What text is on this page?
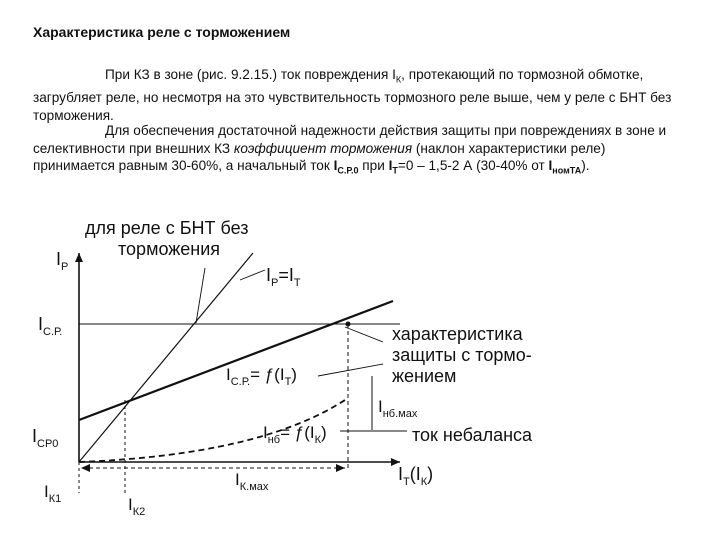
Характеристика реле с торможением

При КЗ в зоне (рис. 9.2.15.) ток повреждения $I_К$, протекающий по тормозной обмотке, загрубляет реле, но несмотря на это чувствительность тормозного реле выше, чем у реле с БНТ без торможения.

Для обеспечения достаточной надежности действия защиты при повреждениях в зоне и селективности при внешних КЗ коэффициент торможения (наклон характеристики реле) принимается равным 30-60%, а начальный ток $I_{С.Р.0}$ при $I_Т=0 - 1,5-2$ А (30-40% от $I_{номТА}$).

для реле с БНТ без
торможения
$I_Р$	$I_Р=I_Т$
$I_{С.Р.}$	характеристика
защиты с тормо-
жением
$I_{С.Р.}=$ $ƒ(I_Т)$
$I_{нб.мах}$
$I_{нб}=$ $ƒ(I_К)$	ток небаланса
$I_{СР0}$
$I_Т(I_К)$
$I_{К.мах}$
$I_{К1}$	$I_{К2}$
